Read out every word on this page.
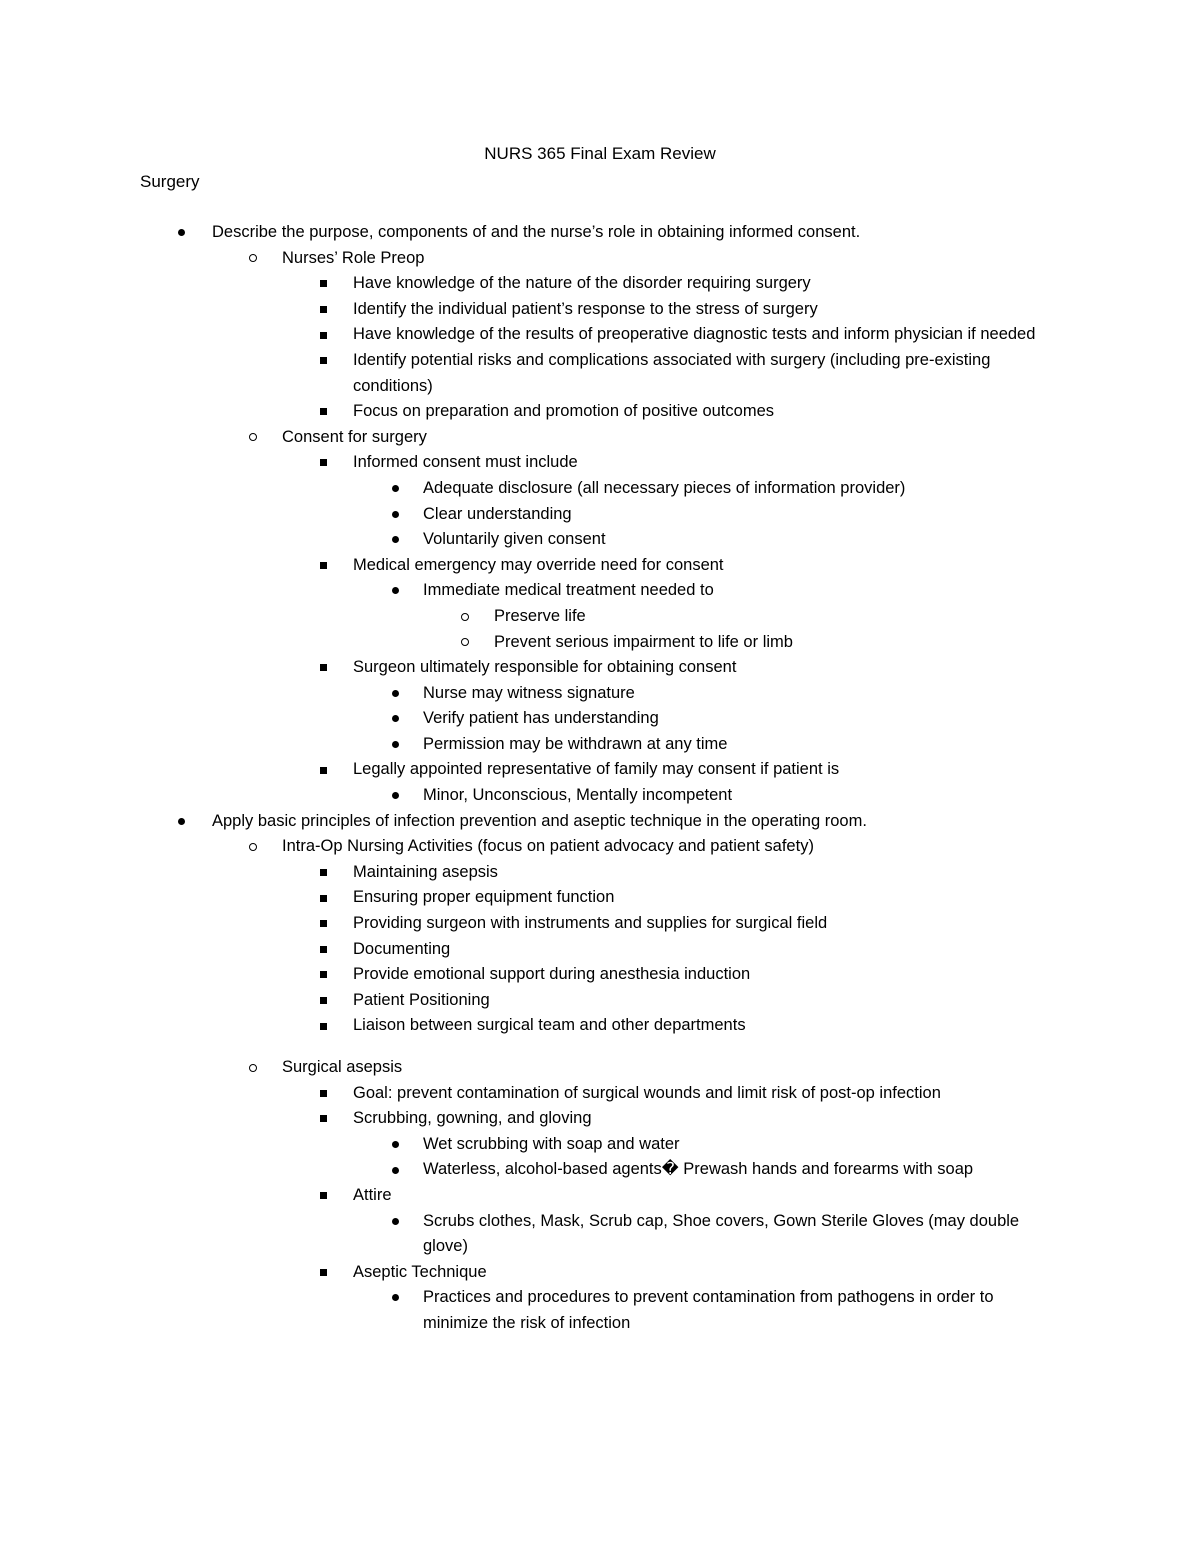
NURS 365 Final Exam Review
Surgery
Describe the purpose, components of and the nurse’s role in obtaining informed consent.
Nurses’ Role Preop
Have knowledge of the nature of the disorder requiring surgery
Identify the individual patient’s response to the stress of surgery
Have knowledge of the results of preoperative diagnostic tests and inform physician if needed
Identify potential risks and complications associated with surgery (including pre-existing conditions)
Focus on preparation and promotion of positive outcomes
Consent for surgery
Informed consent must include
Adequate disclosure (all necessary pieces of information provider)
Clear understanding
Voluntarily given consent
Medical emergency may override need for consent
Immediate medical treatment needed to
Preserve life
Prevent serious impairment to life or limb
Surgeon ultimately responsible for obtaining consent
Nurse may witness signature
Verify patient has understanding
Permission may be withdrawn at any time
Legally appointed representative of family may consent if patient is
Minor, Unconscious, Mentally incompetent
Apply basic principles of infection prevention and aseptic technique in the operating room.
Intra-Op Nursing Activities (focus on patient advocacy and patient safety)
Maintaining asepsis
Ensuring proper equipment function
Providing surgeon with instruments and supplies for surgical field
Documenting
Provide emotional support during anesthesia induction
Patient Positioning
Liaison between surgical team and other departments
Surgical asepsis
Goal: prevent contamination of surgical wounds and limit risk of post-op infection
Scrubbing, gowning, and gloving
Wet scrubbing with soap and water
Waterless, alcohol-based agents� Prewash hands and forearms with soap
Attire
Scrubs clothes, Mask, Scrub cap, Shoe covers, Gown Sterile Gloves (may double glove)
Aseptic Technique
Practices and procedures to prevent contamination from pathogens in order to minimize the risk of infection
